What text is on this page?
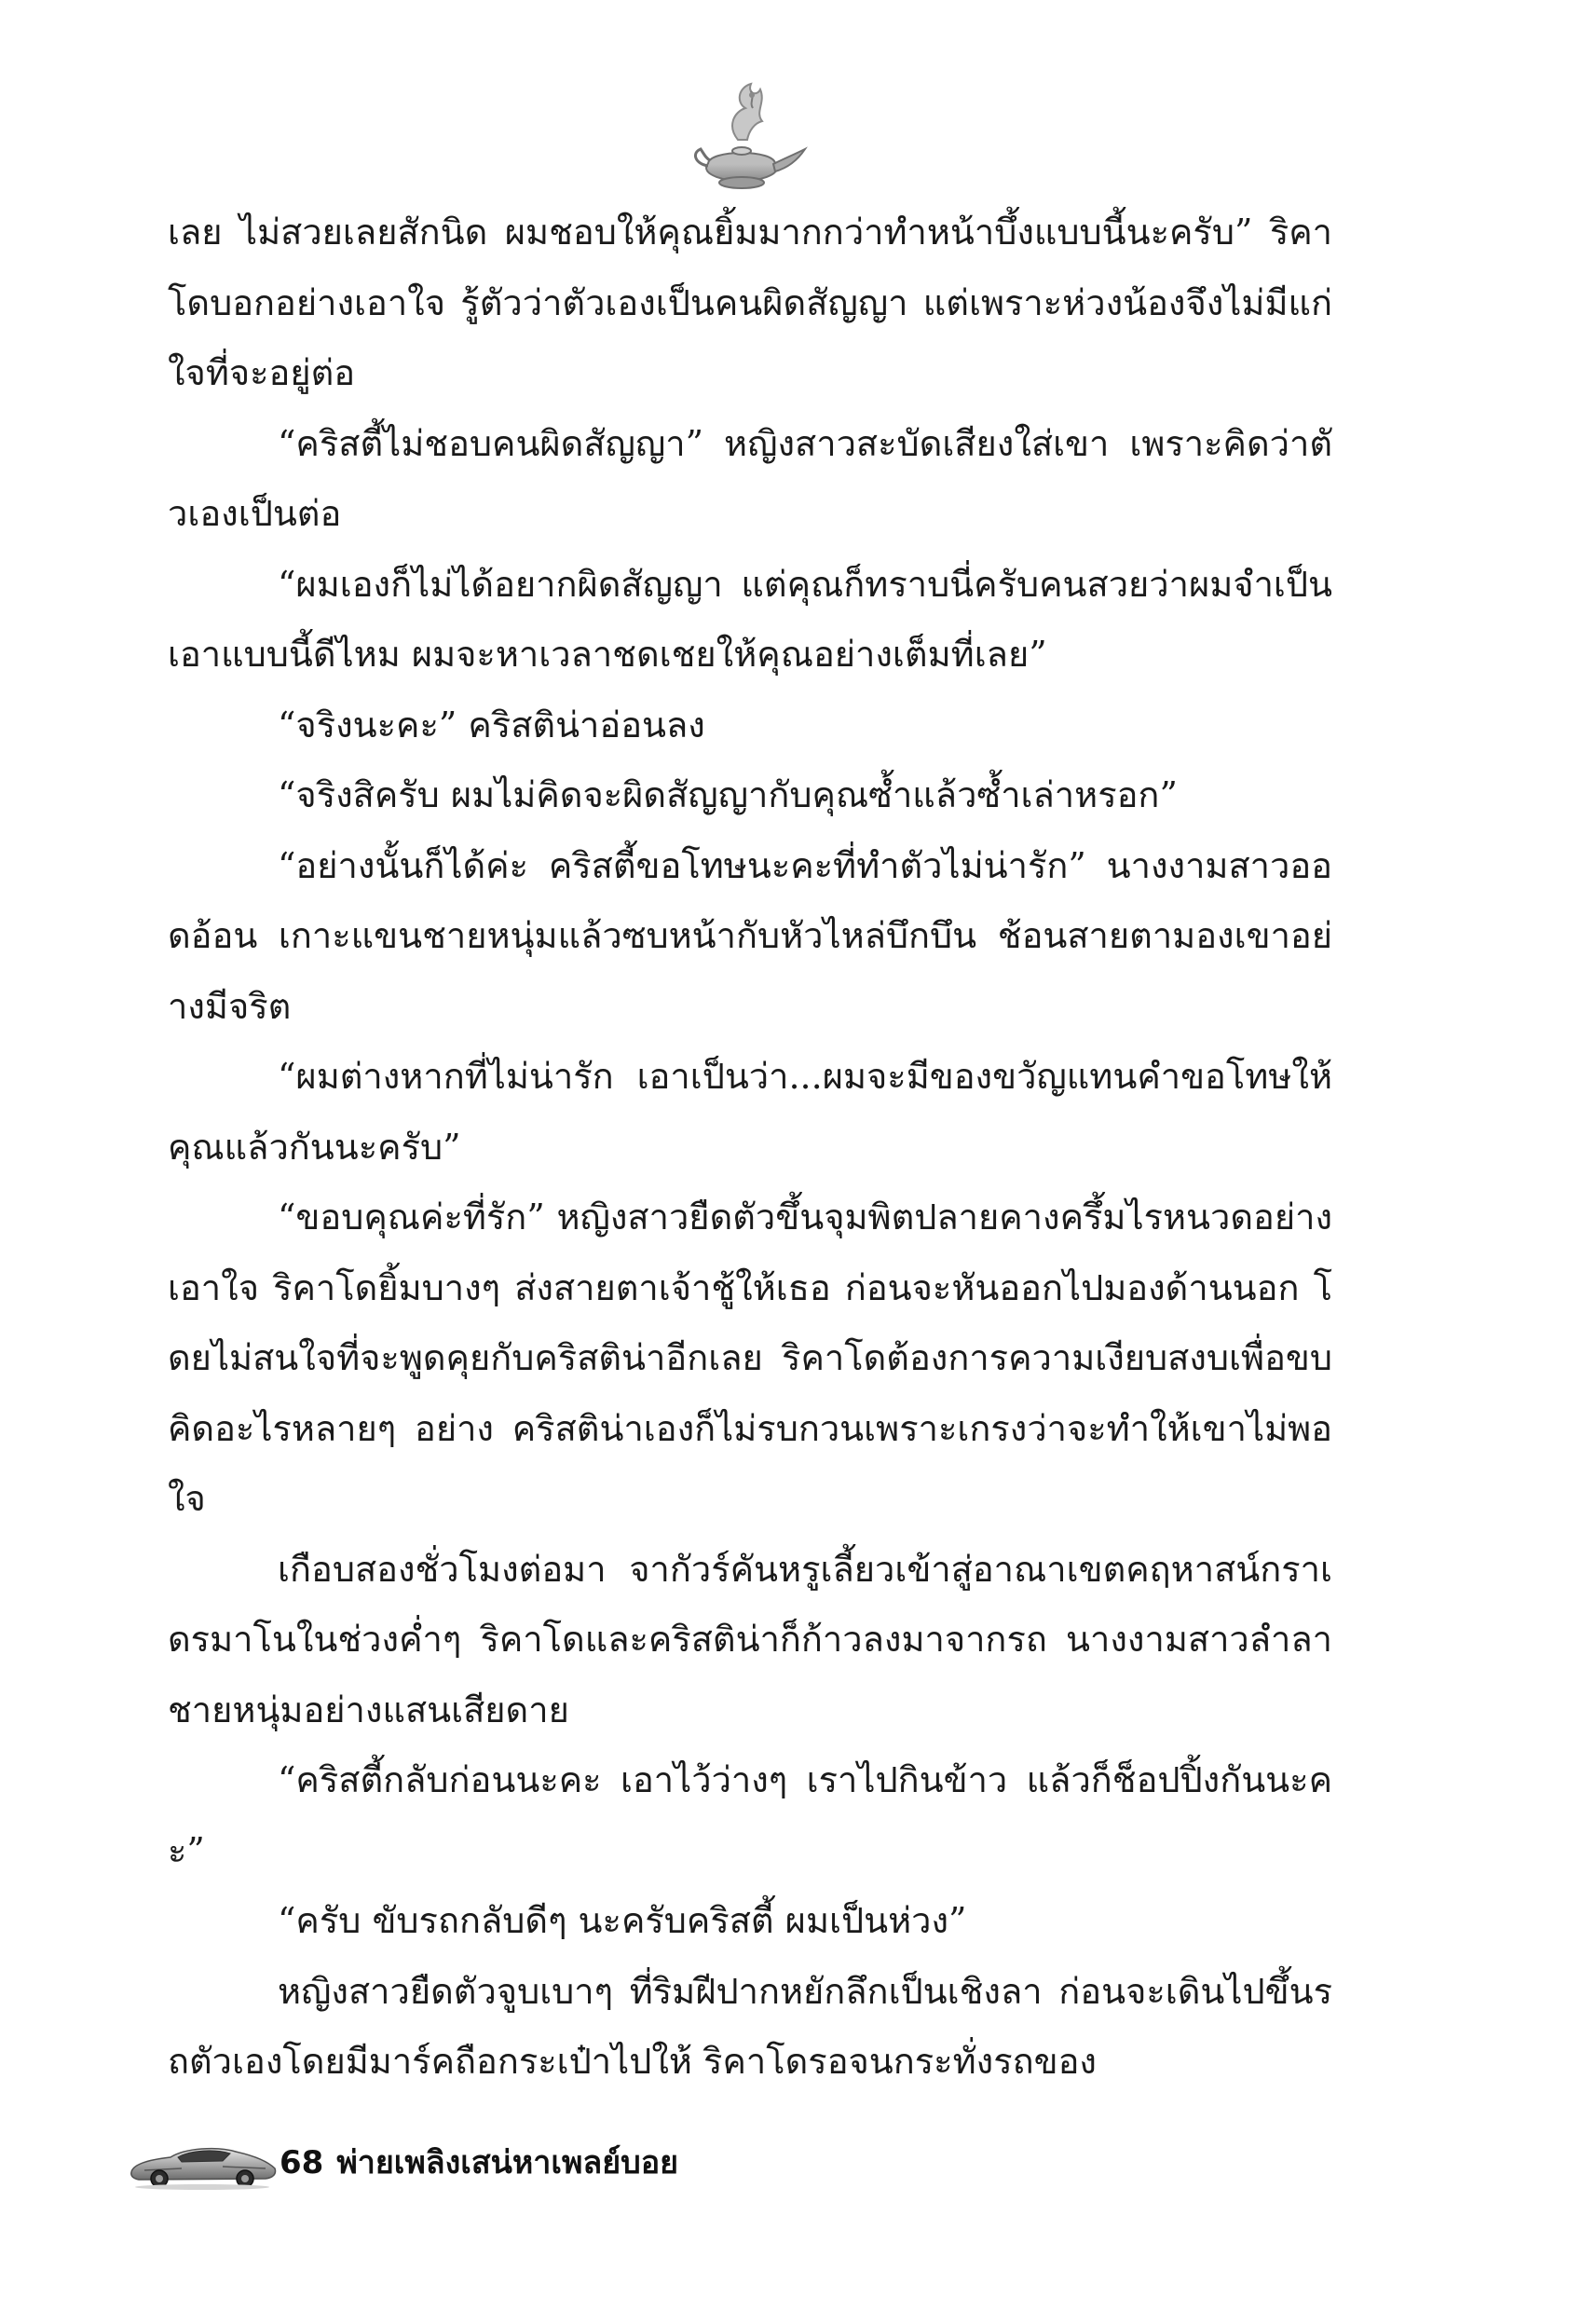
เลย ไม่สวยเลยสักนิด ผมชอบให้คุณยิ้มมากกว่าทำหน้าบึ้งแบบนี้นะครับ” ริคาโดบอกอย่างเอาใจ รู้ตัวว่าตัวเองเป็นคนผิดสัญญา แต่เพราะห่วงน้องจึงไม่มีแก่ใจที่จะอยู่ต่อ

“คริสตี้ไม่ชอบคนผิดสัญญา” หญิงสาวสะบัดเสียงใส่เขา เพราะคิดว่าตัวเองเป็นต่อ

“ผมเองก็ไม่ได้อยากผิดสัญญา แต่คุณก็ทราบนี่ครับคนสวยว่าผมจำเป็น เอาแบบนี้ดีไหม ผมจะหาเวลาชดเชยให้คุณอย่างเต็มที่เลย”

“จริงนะคะ” คริสติน่าอ่อนลง

“จริงสิครับ ผมไม่คิดจะผิดสัญญากับคุณซ้ำแล้วซ้ำเล่าหรอก”

“อย่างนั้นก็ได้ค่ะ คริสตี้ขอโทษนะคะที่ทำตัวไม่น่ารัก” นางงามสาวออดอ้อน เกาะแขนชายหนุ่มแล้วซบหน้ากับหัวไหล่บึกบึน ช้อนสายตามองเขาอย่างมีจริต

“ผมต่างหากที่ไม่น่ารัก เอาเป็นว่า...ผมจะมีของขวัญแทนคำขอโทษให้คุณแล้วกันนะครับ”

“ขอบคุณค่ะที่รัก” หญิงสาวยืดตัวขึ้นจุมพิตปลายคางครึ้มไรหนวดอย่างเอาใจ ริคาโดยิ้มบางๆ ส่งสายตาเจ้าชู้ให้เธอ ก่อนจะหันออกไปมองด้านนอก โดยไม่สนใจที่จะพูดคุยกับคริสติน่าอีกเลย ริคาโดต้องการความเงียบสงบเพื่อขบคิดอะไรหลายๆ อย่าง คริสติน่าเองก็ไม่รบกวนเพราะเกรงว่าจะทำให้เขาไม่พอใจ

เกือบสองชั่วโมงต่อมา จากัวร์คันหรูเลี้ยวเข้าสู่อาณาเขตคฤหาสน์กราเดรมาโนในช่วงค่ำๆ ริคาโดและคริสติน่าก็ก้าวลงมาจากรถ นางงามสาวลำลาชายหนุ่มอย่างแสนเสียดาย

“คริสตี้กลับก่อนนะคะ เอาไว้ว่างๆ เราไปกินข้าว แล้วก็ช็อปปิ้งกันนะคะ”

“ครับ ขับรถกลับดีๆ นะครับคริสตี้ ผมเป็นห่วง”

หญิงสาวยืดตัวจูบเบาๆ ที่ริมฝีปากหยักลึกเป็นเชิงลา ก่อนจะเดินไปขึ้นรถตัวเองโดยมีมาร์คถือกระเป๋าไปให้ ริคาโดรอจนกระทั่งรถของ

68 พ่ายเพลิงเสน่หาเพลย์บอย
